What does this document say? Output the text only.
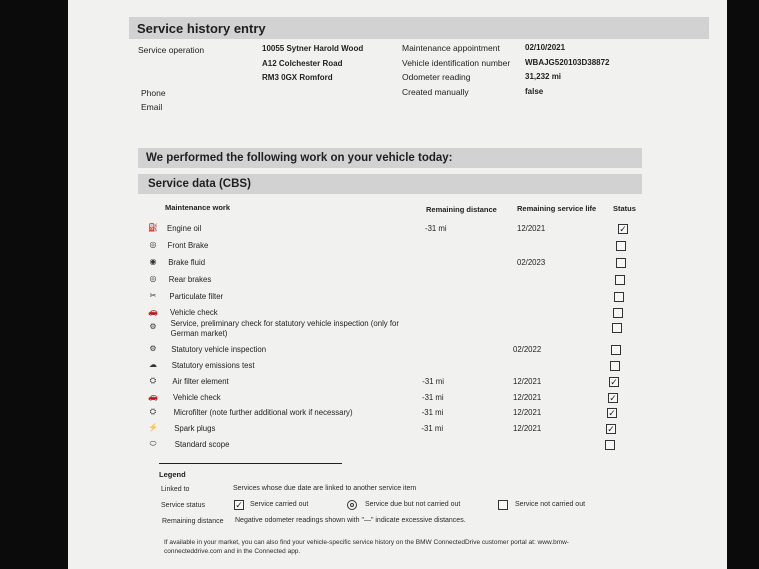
Service history entry
Service operation	10055 Sytner Harold Wood
A12 Colchester Road
RM3 0GX Romford
Phone
Email
Maintenance appointment	02/10/2021
Vehicle identification number WBAJG520103D38872
Odometer reading	31,232 mi
Created manually	false
We performed the following work on your vehicle today:
Service data (CBS)
Maintenance work	Remaining distance	Remaining service life Status
⛽ Engine oil	-31 mi	12/2021	✓
◎	Front Brake
◉	Brake fluid	02/2023
◎	Rear brakes
✂	Particulate filter
🚗 Vehicle check
⚙	Service, preliminary check for statutory vehicle inspection (only for
German market)
⚙	Statutory vehicle inspection	02/2022
☁	Statutory emissions test
⛭	Air filter element	-31 mi	12/2021	✓
🚗 Vehicle check	-31 mi	12/2021	✓
⛭	Microfilter (note further additional work if necessary)	-31 mi	12/2021	✓
⚡ Spark plugs	-31 mi	12/2021	✓
⬭	Standard scope
Legend
Linked to	Services whose due date are linked to another service item
Service status	✓ Service carried out	Service due but not carried out	Service not carried out
Remaining distance Negative odometer readings shown with "—" indicate excessive distances.
If available in your market, you can also find your vehicle-specific service history on the BMW ConnectedDrive customer portal at: www.bmw-
connecteddrive.com and in the Connected app.
